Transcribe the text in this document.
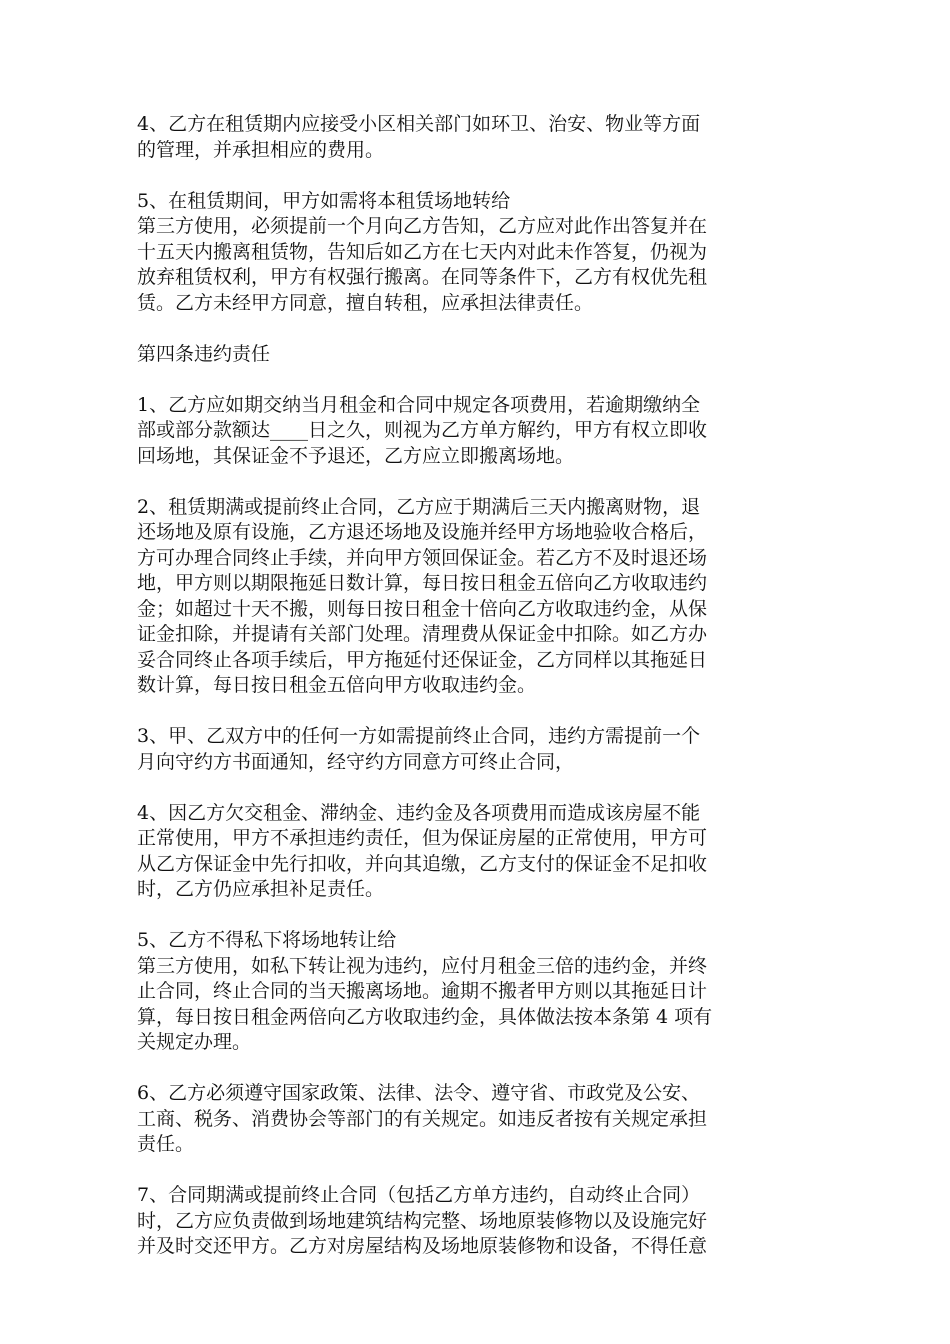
4、乙方在租赁期内应接受小区相关部门如环卫、治安、物业等方面
的管理，并承担相应的费用。
5、在租赁期间，甲方如需将本租赁场地转给
第三方使用，必须提前一个月向乙方告知，乙方应对此作出答复并在
十五天内搬离租赁物，告知后如乙方在七天内对此未作答复，仍视为
放弃租赁权利，甲方有权强行搬离。在同等条件下，乙方有权优先租
赁。乙方未经甲方同意，擅自转租，应承担法律责任。
第四条违约责任
1、乙方应如期交纳当月租金和合同中规定各项费用，若逾期缴纳全
部或部分款额达____日之久，则视为乙方单方解约，甲方有权立即收
回场地，其保证金不予退还，乙方应立即搬离场地。
2、租赁期满或提前终止合同，乙方应于期满后三天内搬离财物，退
还场地及原有设施，乙方退还场地及设施并经甲方场地验收合格后，
方可办理合同终止手续，并向甲方领回保证金。若乙方不及时退还场
地，甲方则以期限拖延日数计算，每日按日租金五倍向乙方收取违约
金；如超过十天不搬，则每日按日租金十倍向乙方收取违约金，从保
证金扣除，并提请有关部门处理。清理费从保证金中扣除。如乙方办
妥合同终止各项手续后，甲方拖延付还保证金，乙方同样以其拖延日
数计算，每日按日租金五倍向甲方收取违约金。
3、甲、乙双方中的任何一方如需提前终止合同，违约方需提前一个
月向守约方书面通知，经守约方同意方可终止合同，
4、因乙方欠交租金、滞纳金、违约金及各项费用而造成该房屋不能
正常使用，甲方不承担违约责任，但为保证房屋的正常使用，甲方可
从乙方保证金中先行扣收，并向其追缴，乙方支付的保证金不足扣收
时，乙方仍应承担补足责任。
5、乙方不得私下将场地转让给
第三方使用，如私下转让视为违约，应付月租金三倍的违约金，并终
止合同，终止合同的当天搬离场地。逾期不搬者甲方则以其拖延日计
算，每日按日租金两倍向乙方收取违约金，具体做法按本条第 4 项有
关规定办理。
6、乙方必须遵守国家政策、法律、法令、遵守省、市政党及公安、
工商、税务、消费协会等部门的有关规定。如违反者按有关规定承担
责任。
7、合同期满或提前终止合同（包括乙方单方违约，自动终止合同）
时，乙方应负责做到场地建筑结构完整、场地原装修物以及设施完好
并及时交还甲方。乙方对房屋结构及场地原装修物和设备，不得任意
